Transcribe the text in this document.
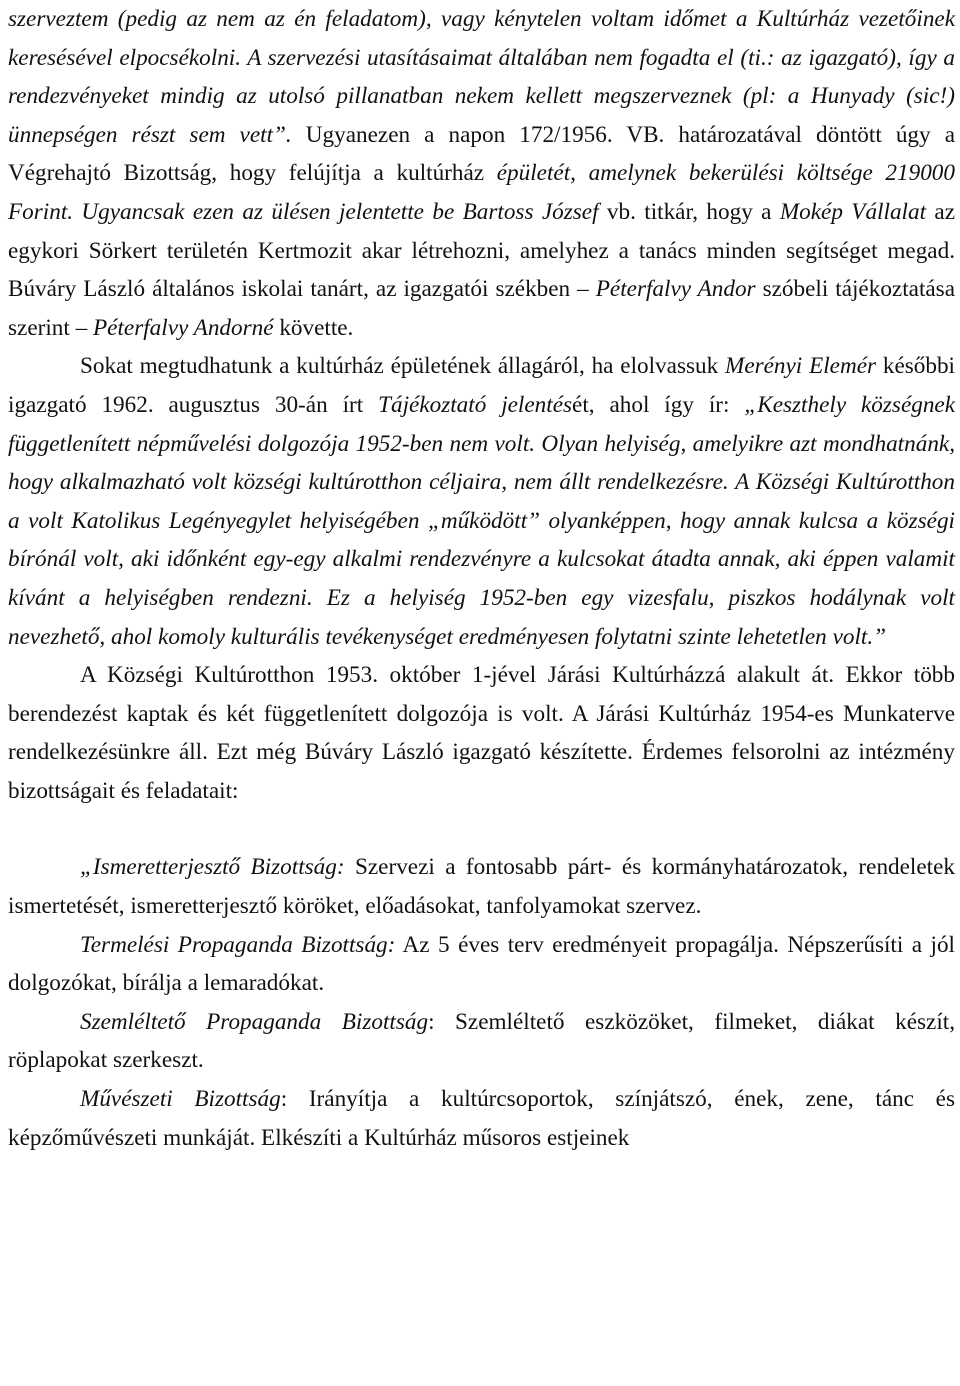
szerveztem (pedig az nem az én feladatom), vagy kénytelen voltam időmet a Kultúrház vezetőinek keresésével elpocsékolni. A szervezési utasításaimat általában nem fogadta el (ti.: az igazgató), így a rendezvényeket mindig az utolsó pillanatban nekem kellett megszerveznek (pl: a Hunyady (sic!) ünnepségen részt sem vett”. Ugyanezen a napon 172/1956. VB. határozatával döntött úgy a Végrehajtó Bizottság, hogy felújítja a kultúrház épületét, amelynek bekerülési költsége 219000 Forint. Ugyancsak ezen az ülésen jelentette be Bartoss József vb. titkár, hogy a Mokép Vállalat az egykori Sörkert területén Kertmozit akar létrehozni, amelyhez a tanács minden segítséget megad. Búváry László általános iskolai tanárt, az igazgatói székben – Péterfalvy Andor szóbeli tájékoztatása szerint – Péterfalvy Andorné követte.

Sokat megtudhatunk a kultúrház épületének állagáról, ha elolvassuk Merényi Elemér későbbi igazgató 1962. augusztus 30-án írt Tájékoztató jelentését, ahol így ír: „Keszthely községnek függetlenített népművelési dolgozója 1952-ben nem volt. Olyan helyiség, amelyikre azt mondhatnánk, hogy alkalmazható volt községi kultúrotthon céljaira, nem állt rendelkezésre. A Községi Kultúrotthon a volt Katolikus Legényegylet helyiségében „működött” olyanképpen, hogy annak kulcsa a községi bírónál volt, aki időnként egy-egy alkalmi rendezvényre a kulcsokat átadta annak, aki éppen valamit kívánt a helyiségben rendezni. Ez a helyiség 1952-ben egy vizesfalu, piszkos hodálynak volt nevezhető, ahol komoly kulturális tevékenységet eredményesen folytatni szinte lehetetlen volt.”

A Községi Kultúrotthon 1953. október 1-jével Járási Kultúrházzá alakult át. Ekkor több berendezést kaptak és két függetlenített dolgozója is volt. A Járási Kultúrház 1954-es Munkaterve rendelkezésünkre áll. Ezt még Búváry László igazgató készítette. Érdemes felsorolni az intézmény bizottságait és feladatait:

„Ismeretterjesztő Bizottság: Szervezi a fontosabb párt- és kormányhatározatok, rendeletek ismertetését, ismeretterjesztő köröket, előadásokat, tanfolyamokat szervez.

Termelési Propaganda Bizottság: Az 5 éves terv eredményeit propagálja. Népszerűsíti a jól dolgozókat, bírálja a lemaradókat.

Szemléltető Propaganda Bizottság: Szemléltető eszközöket, filmeket, diákat készít, röplapokat szerkeszt.

Művészeti Bizottság: Irányítja a kultúrcsoportok, színjátszó, ének, zene, tánc és képzőművészeti munkáját. Elkészíti a Kultúrház műsoros estjeinek
